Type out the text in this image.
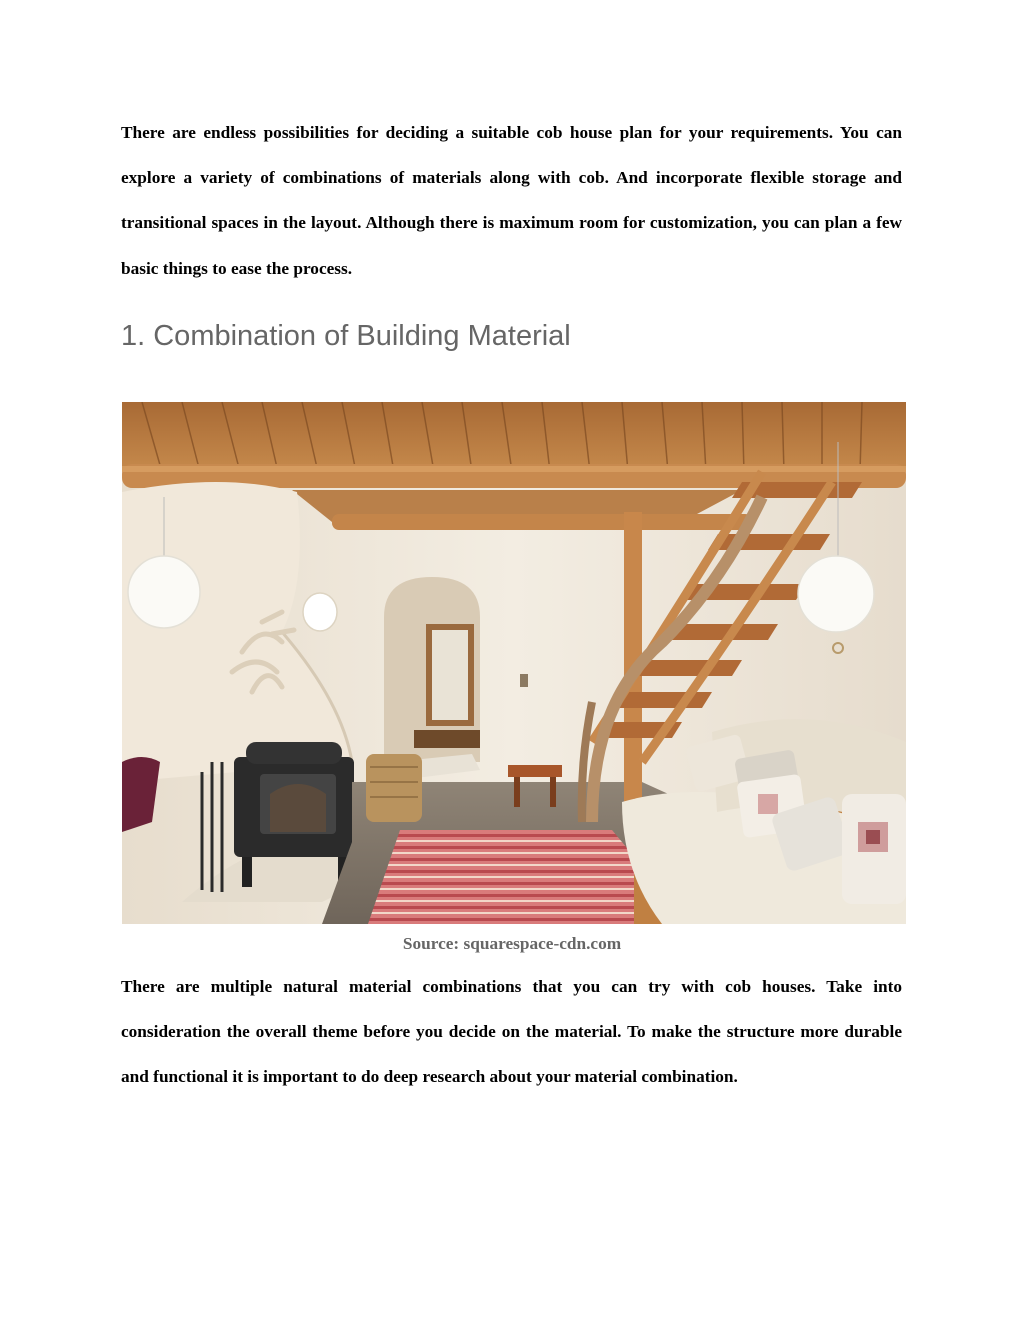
There are endless possibilities for deciding a suitable cob house plan for your requirements. You can explore a variety of combinations of materials along with cob. And incorporate flexible storage and transitional spaces in the layout. Although there is maximum room for customization, you can plan a few basic things to ease the process.

1. Combination of Building Material

Source: squarespace-cdn.com

There are multiple natural material combinations that you can try with cob houses. Take into consideration the overall theme before you decide on the material. To make the structure more durable and functional it is important to do deep research about your material combination.
